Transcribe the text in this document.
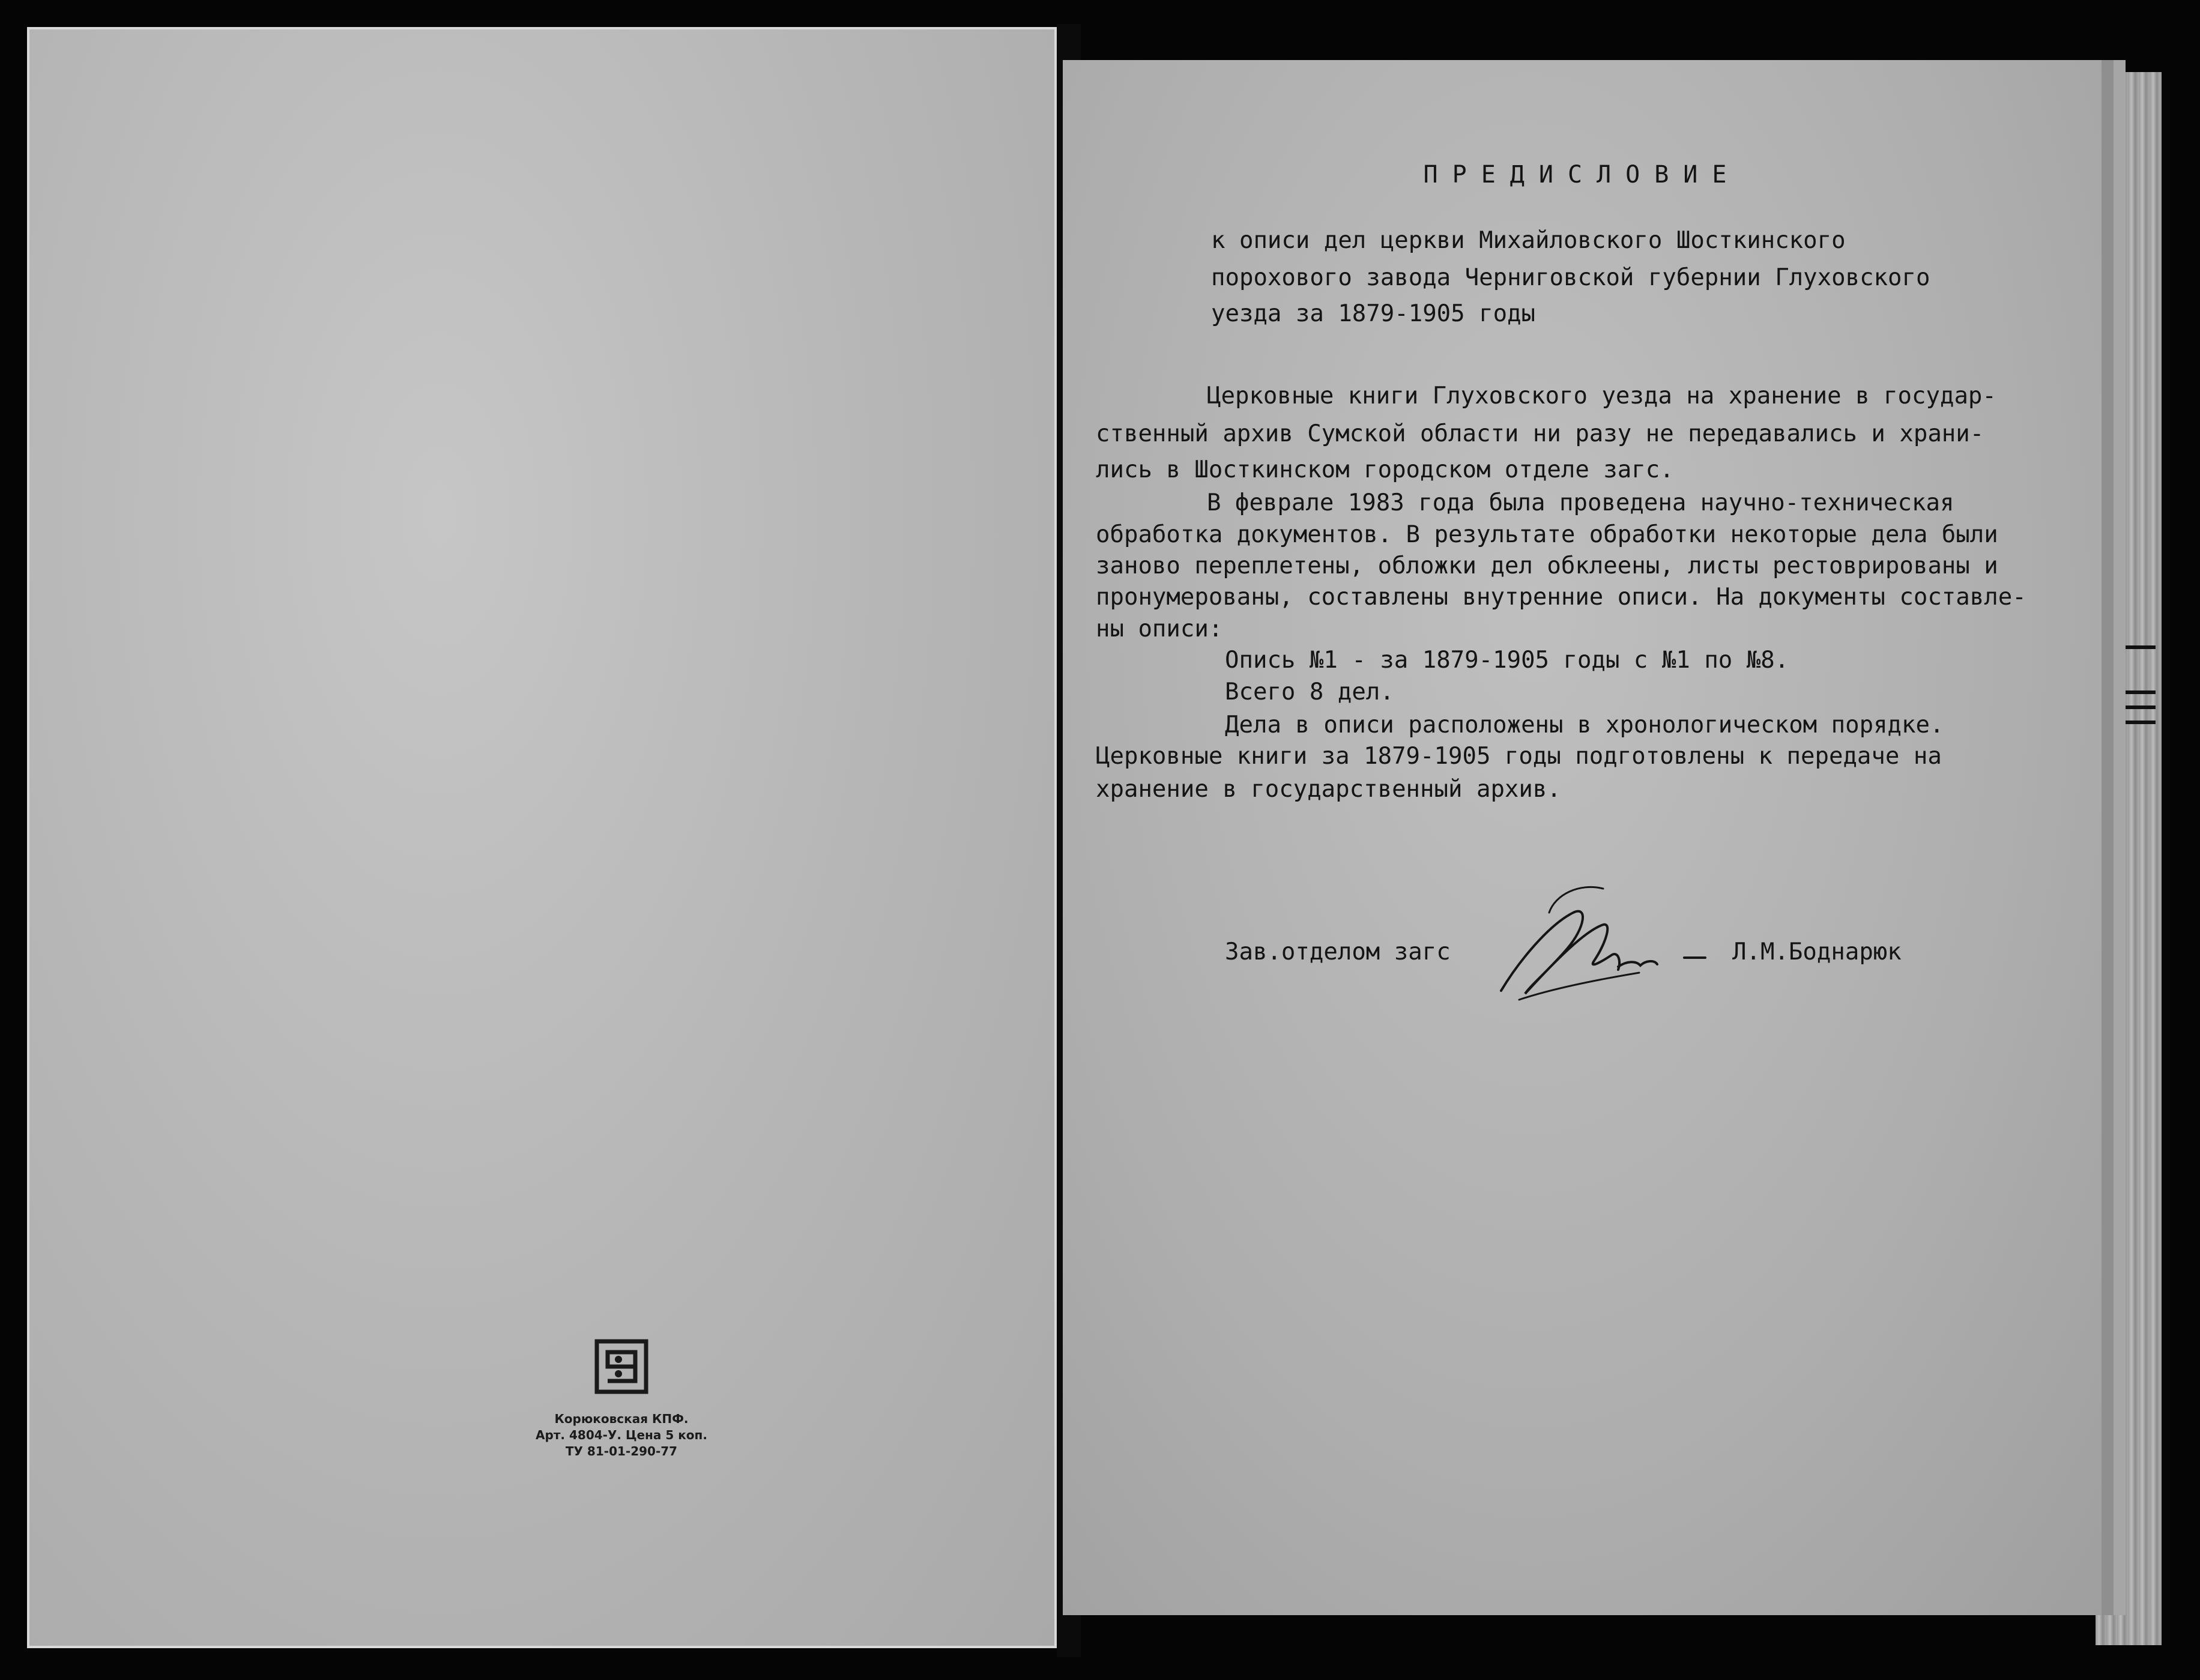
Корюковская КПФ.
Арт. 4804-У. Цена 5 коп.
ТУ 81-01-290-77
ПРЕДИСЛОВИЕ
к описи дел церкви Михайловского Шосткинского
порохового завода Черниговской губернии Глуховского
уезда за 1879-1905 годы
Церковные книги Глуховского уезда на хранение в государ-
ственный архив Сумской области ни разу не передавались и храни-
лись в Шосткинском городском отделе загс.
В феврале 1983 года была проведена научно-техническая
обработка документов. В результате обработки некоторые дела были
заново переплетены, обложки дел обклеены, листы рестоврированы и
пронумерованы, составлены внутренние описи. На документы составле-
ны описи:
Опись №1 - за 1879-1905 годы с №1 по №8.
Всего 8 дел.
Дела в описи расположены в хронологическом порядке.
Церковные книги за 1879-1905 годы подготовлены к передаче на
хранение в государственный архив.
Зав.отделом загс	Л.М.Боднарюк
